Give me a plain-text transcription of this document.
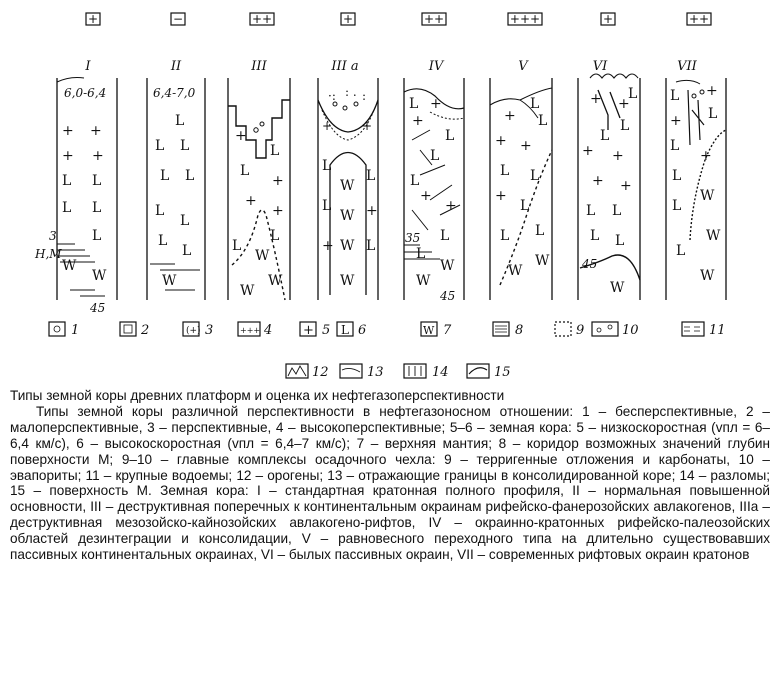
+	−	++	+	++	+++	+	++
I	II	III	III а	IV	V	VI	VII
6,0-6,4
+ +
+ +
L L
L L
L
W
W
3
Н,М
45
6,4-7,0
L
L L
L L
L
L
L
L
W
+
L
L
+
+
+
L
L
W
W
W
·: : . :
+ +
L
L
L +
+ L
W
W
W
W
L +
+
L
L
L
+
+
L
L
W
W
35
45
L
+ L
+ +
L L
+
L
L L
W
W
+ +
L
L
L
+ +
+ +
L L
L L
W
45
L +
+ L
L
+
L
L
W
W
L
W
1	2	(+) 3	+++ 4 + 5 L 6	W 7	8	9	10	11
12	13	14	15
Типы земной коры древних платформ и оценка их нефтегазоперспективности
Типы земной коры различной перспективности в нефтегазоносном отношении: 1 – бесперспективные, 2 – малоперспективные, 3 – перспективные, 4 – высокоперспективные; 5–6 – земная кора: 5 – низкоскоростная (vпл = 6–6,4 км/с), 6 – высокоскоростная (vпл = 6,4–7 км/с); 7 – верхняя мантия; 8 – коридор возможных значений глубин поверхности М; 9–10 – главные комплексы осадочного чехла: 9 – терригенные отложения и карбонаты, 10 – эвапориты; 11 – крупные водоемы; 12 – орогены; 13 – отражающие границы в консолидированной коре; 14 – разломы; 15 – поверхность М. Земная кора: I – стандартная кратонная полного профиля, II – нормальная повышенной основности, III – деструктивная поперечных к континентальным окраинам рифейско-фанерозойских авлакогенов, IIIa – деструктивная мезозойско-кайнозойских авлакогено-рифтов, IV – окраинно-кратонных рифейско-палеозойских областей дезинтеграции и консолидации, V – равновесного переходного типа на длительно существовавших пассивных континентальных окраинах, VI – былых пассивных окраин, VII – современных рифтовых окраин кратонов
